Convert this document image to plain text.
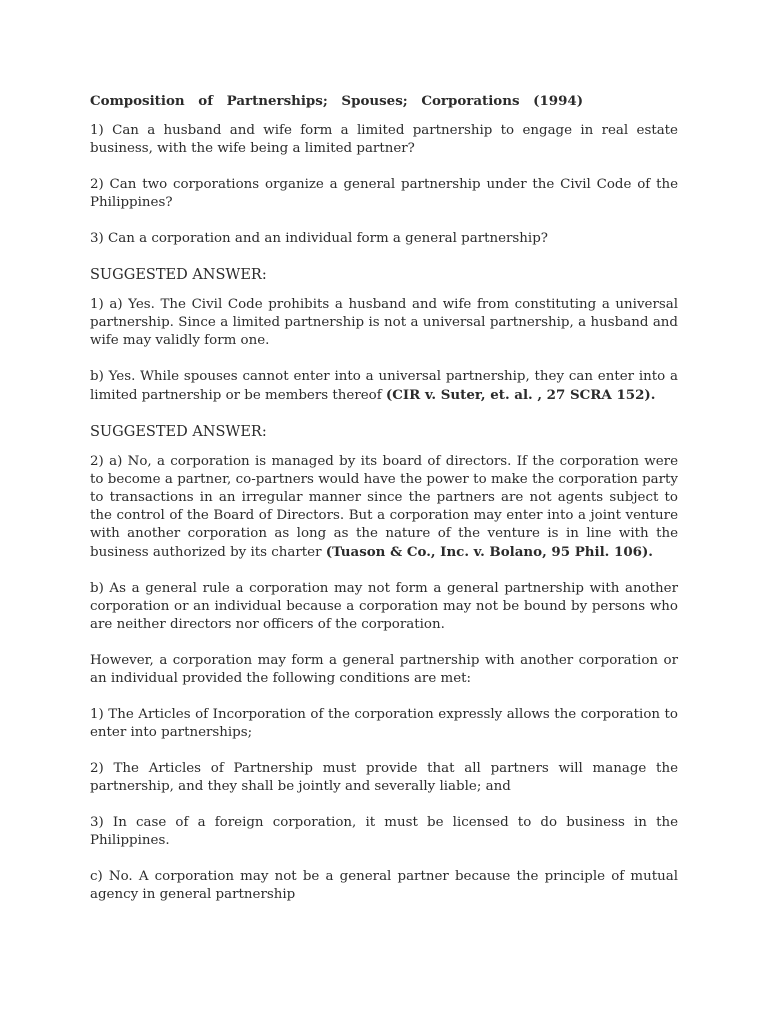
Composition of Partnerships; Spouses; Corporations (1994)

1) Can a husband and wife form a limited partnership to engage in real estate business, with the wife being a limited partner?

2) Can two corporations organize a general partnership under the Civil Code of the Philippines?

3) Can a corporation and an individual form a general partnership?

SUGGESTED ANSWER:

1) a) Yes. The Civil Code prohibits a husband and wife from constituting a universal partnership. Since a limited partnership is not a universal partnership, a husband and wife may validly form one.

b) Yes. While spouses cannot enter into a universal partnership, they can enter into a limited partnership or be members thereof (CIR v. Suter, et. al. , 27 SCRA 152).

SUGGESTED ANSWER:

2) a) No, a corporation is managed by its board of directors. If the corporation were to become a partner, co-partners would have the power to make the corporation party to transactions in an irregular manner since the partners are not agents subject to the control of the Board of Directors. But a corporation may enter into a joint venture with another corporation as long as the nature of the venture is in line with the business authorized by its charter (Tuason & Co., Inc. v. Bolano, 95 Phil. 106).

b) As a general rule a corporation may not form a general partnership with another corporation or an individual because a corporation may not be bound by persons who are neither directors nor officers of the corporation.

However, a corporation may form a general partnership with another corporation or an individual provided the following conditions are met:

1) The Articles of Incorporation of the corporation expressly allows the corporation to enter into partnerships;

2) The Articles of Partnership must provide that all partners will manage the partnership, and they shall be jointly and severally liable; and

3) In case of a foreign corporation, it must be licensed to do business in the Philippines.

c) No. A corporation may not be a general partner because the principle of mutual agency in general partnership
